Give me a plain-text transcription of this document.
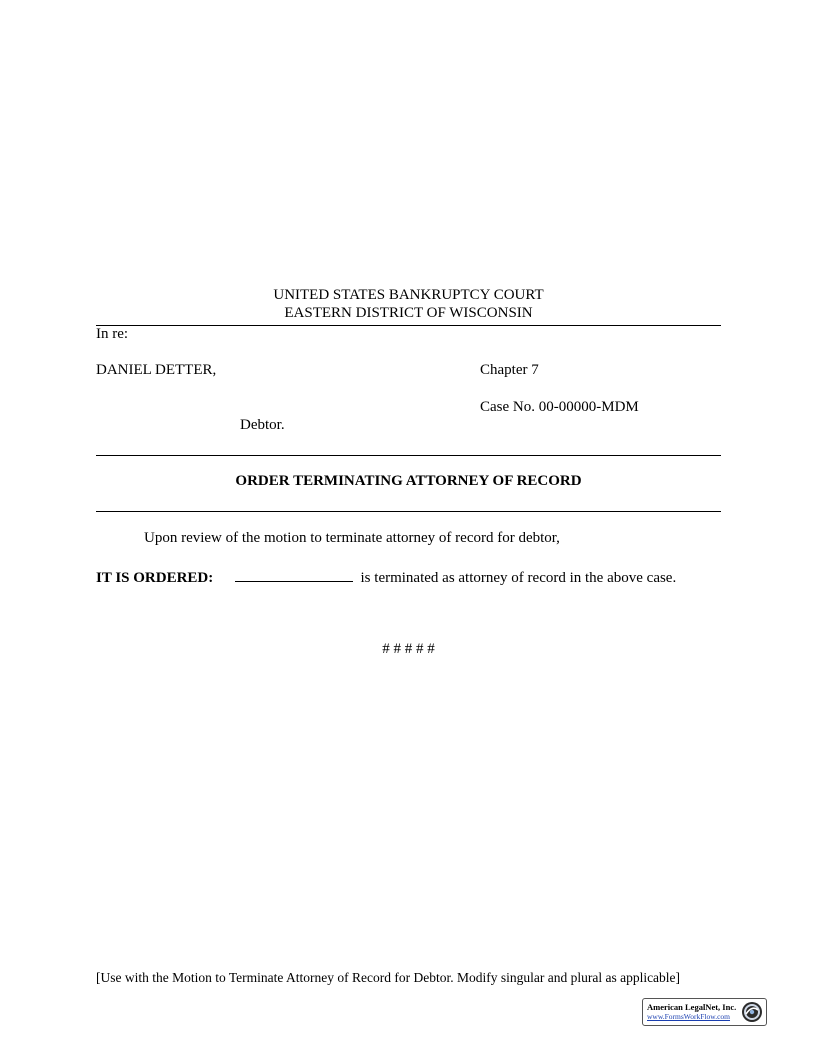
UNITED STATES BANKRUPTCY COURT
EASTERN DISTRICT OF WISCONSIN
In re:
DANIEL DETTER,	Chapter 7
Case No. 00-00000-MDM
Debtor.
ORDER TERMINATING ATTORNEY OF RECORD
Upon review of the motion to terminate attorney of record for debtor,
IT IS ORDERED:	is terminated as attorney of record in the above case.
# # # # #
[Use with the Motion to Terminate Attorney of Record for Debtor. Modify singular and plural as applicable]
American LegalNet, Inc.
www.FormsWorkFlow.com
